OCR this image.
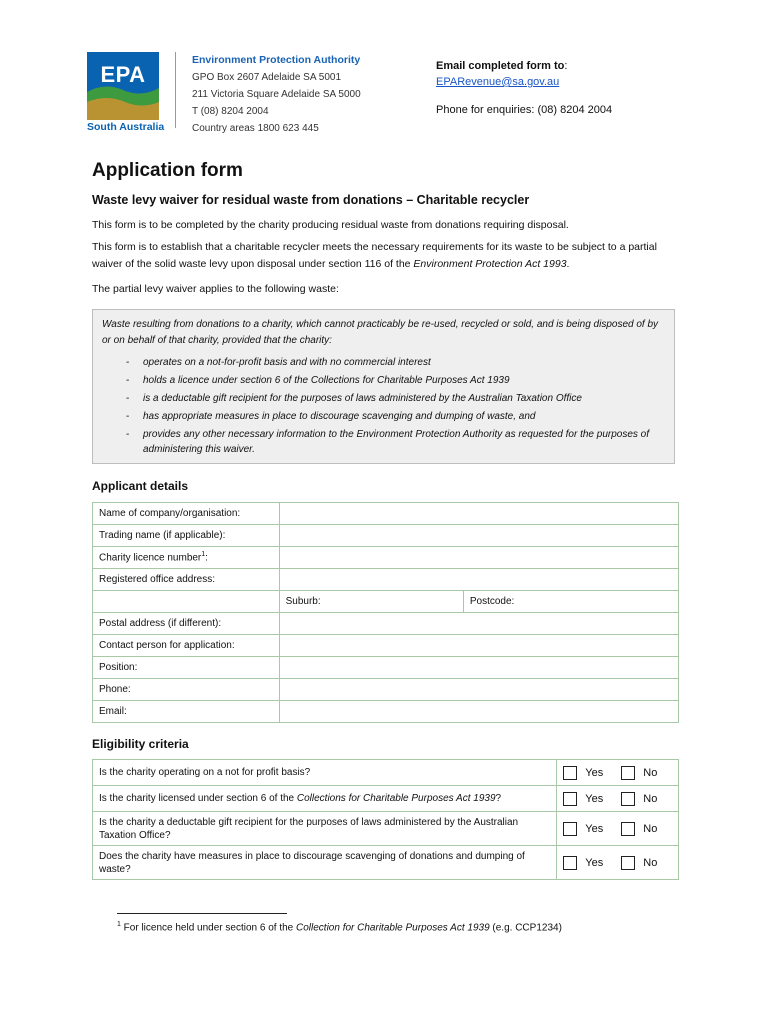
EPA
South Australia
Environment Protection Authority
GPO Box 2607 Adelaide SA 5001
211 Victoria Square Adelaide SA 5000
T (08) 8204 2004
Country areas 1800 623 445
Email completed form to:
EPARevenue@sa.gov.au
Phone for enquiries: (08) 8204 2004
Application form
Waste levy waiver for residual waste from donations – Charitable recycler
This form is to be completed by the charity producing residual waste from donations requiring disposal.
This form is to establish that a charitable recycler meets the necessary requirements for its waste to be subject to a partial waiver of the solid waste levy upon disposal under section 116 of the Environment Protection Act 1993.
The partial levy waiver applies to the following waste:
Waste resulting from donations to a charity, which cannot practicably be re-used, recycled or sold, and is being disposed of by or on behalf of that charity, provided that the charity:
- operates on a not-for-profit basis and with no commercial interest
- holds a licence under section 6 of the Collections for Charitable Purposes Act 1939
- is a deductable gift recipient for the purposes of laws administered by the Australian Taxation Office
- has appropriate measures in place to discourage scavenging and dumping of waste, and
- provides any other necessary information to the Environment Protection Authority as requested for the purposes of administering this waiver.
Applicant details
Name of company/organisation:		
Trading name (if applicable):		
Charity licence number$^1$:		
Registered office address:		
	Suburb:	Postcode:
Postal address (if different):		
Contact person for application:		
Position:		
Phone:		
Email:		
Eligibility criteria
Is the charity operating on a not for profit basis?	Yes No
Is the charity licensed under section 6 of the Collections for Charitable Purposes Act 1939?	Yes No
Is the charity a deductable gift recipient for the purposes of laws administered by the Australian Taxation Office?	Yes No
Does the charity have measures in place to discourage scavenging of donations and dumping of waste?	Yes No
$^1$ For licence held under section 6 of the Collection for Charitable Purposes Act 1939 (e.g. CCP1234)
